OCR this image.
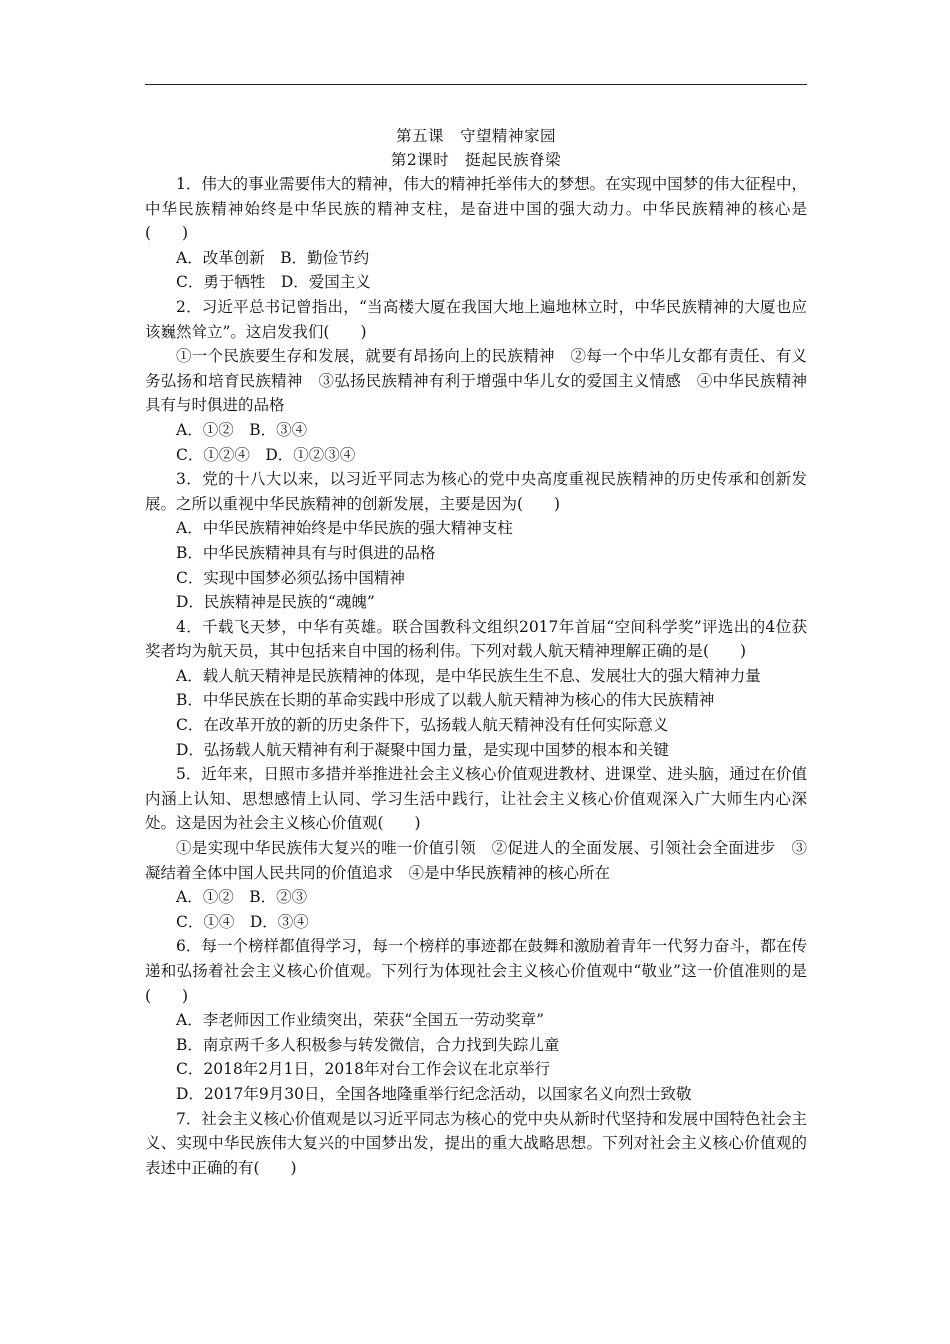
第五课　守望精神家园
第2课时　挺起民族脊梁
1．伟大的事业需要伟大的精神，伟大的精神托举伟大的梦想。在实现中国梦的伟大征程中，中华民族精神始终是中华民族的精神支柱，是奋进中国的强大动力。中华民族精神的核心是(　　)
A．改革创新　B．勤俭节约
C．勇于牺牲　D．爱国主义
2．习近平总书记曾指出，“当高楼大厦在我国大地上遍地林立时，中华民族精神的大厦也应该巍然耸立”。这启发我们(　　)
①一个民族要生存和发展，就要有昂扬向上的民族精神　②每一个中华儿女都有责任、有义务弘扬和培育民族精神　③弘扬民族精神有利于增强中华儿女的爱国主义情感　④中华民族精神具有与时俱进的品格
A．①②　B．③④
C．①②④　D．①②③④
3．党的十八大以来，以习近平同志为核心的党中央高度重视民族精神的历史传承和创新发展。之所以重视中华民族精神的创新发展，主要是因为(　　)
A．中华民族精神始终是中华民族的强大精神支柱
B．中华民族精神具有与时俱进的品格
C．实现中国梦必须弘扬中国精神
D．民族精神是民族的“魂魄”
4．千载飞天梦，中华有英雄。联合国教科文组织2017年首届“空间科学奖”评选出的4位获奖者均为航天员，其中包括来自中国的杨利伟。下列对载人航天精神理解正确的是(　　)
A．载人航天精神是民族精神的体现，是中华民族生生不息、发展壮大的强大精神力量
B．中华民族在长期的革命实践中形成了以载人航天精神为核心的伟大民族精神
C．在改革开放的新的历史条件下，弘扬载人航天精神没有任何实际意义
D．弘扬载人航天精神有利于凝聚中国力量，是实现中国梦的根本和关键
5．近年来，日照市多措并举推进社会主义核心价值观进教材、进课堂、进头脑，通过在价值内涵上认知、思想感情上认同、学习生活中践行，让社会主义核心价值观深入广大师生内心深处。这是因为社会主义核心价值观(　　)
①是实现中华民族伟大复兴的唯一价值引领　②促进人的全面发展、引领社会全面进步　③凝结着全体中国人民共同的价值追求　④是中华民族精神的核心所在
A．①②　B．②③
C．①④　D．③④
6．每一个榜样都值得学习，每一个榜样的事迹都在鼓舞和激励着青年一代努力奋斗，都在传递和弘扬着社会主义核心价值观。下列行为体现社会主义核心价值观中“敬业”这一价值准则的是(　　)
A．李老师因工作业绩突出，荣获“全国五一劳动奖章”
B．南京两千多人积极参与转发微信，合力找到失踪儿童
C．2018年2月1日，2018年对台工作会议在北京举行
D．2017年9月30日，全国各地隆重举行纪念活动，以国家名义向烈士致敬
7．社会主义核心价值观是以习近平同志为核心的党中央从新时代坚持和发展中国特色社会主义、实现中华民族伟大复兴的中国梦出发，提出的重大战略思想。下列对社会主义核心价值观的表述中正确的有(　　)
